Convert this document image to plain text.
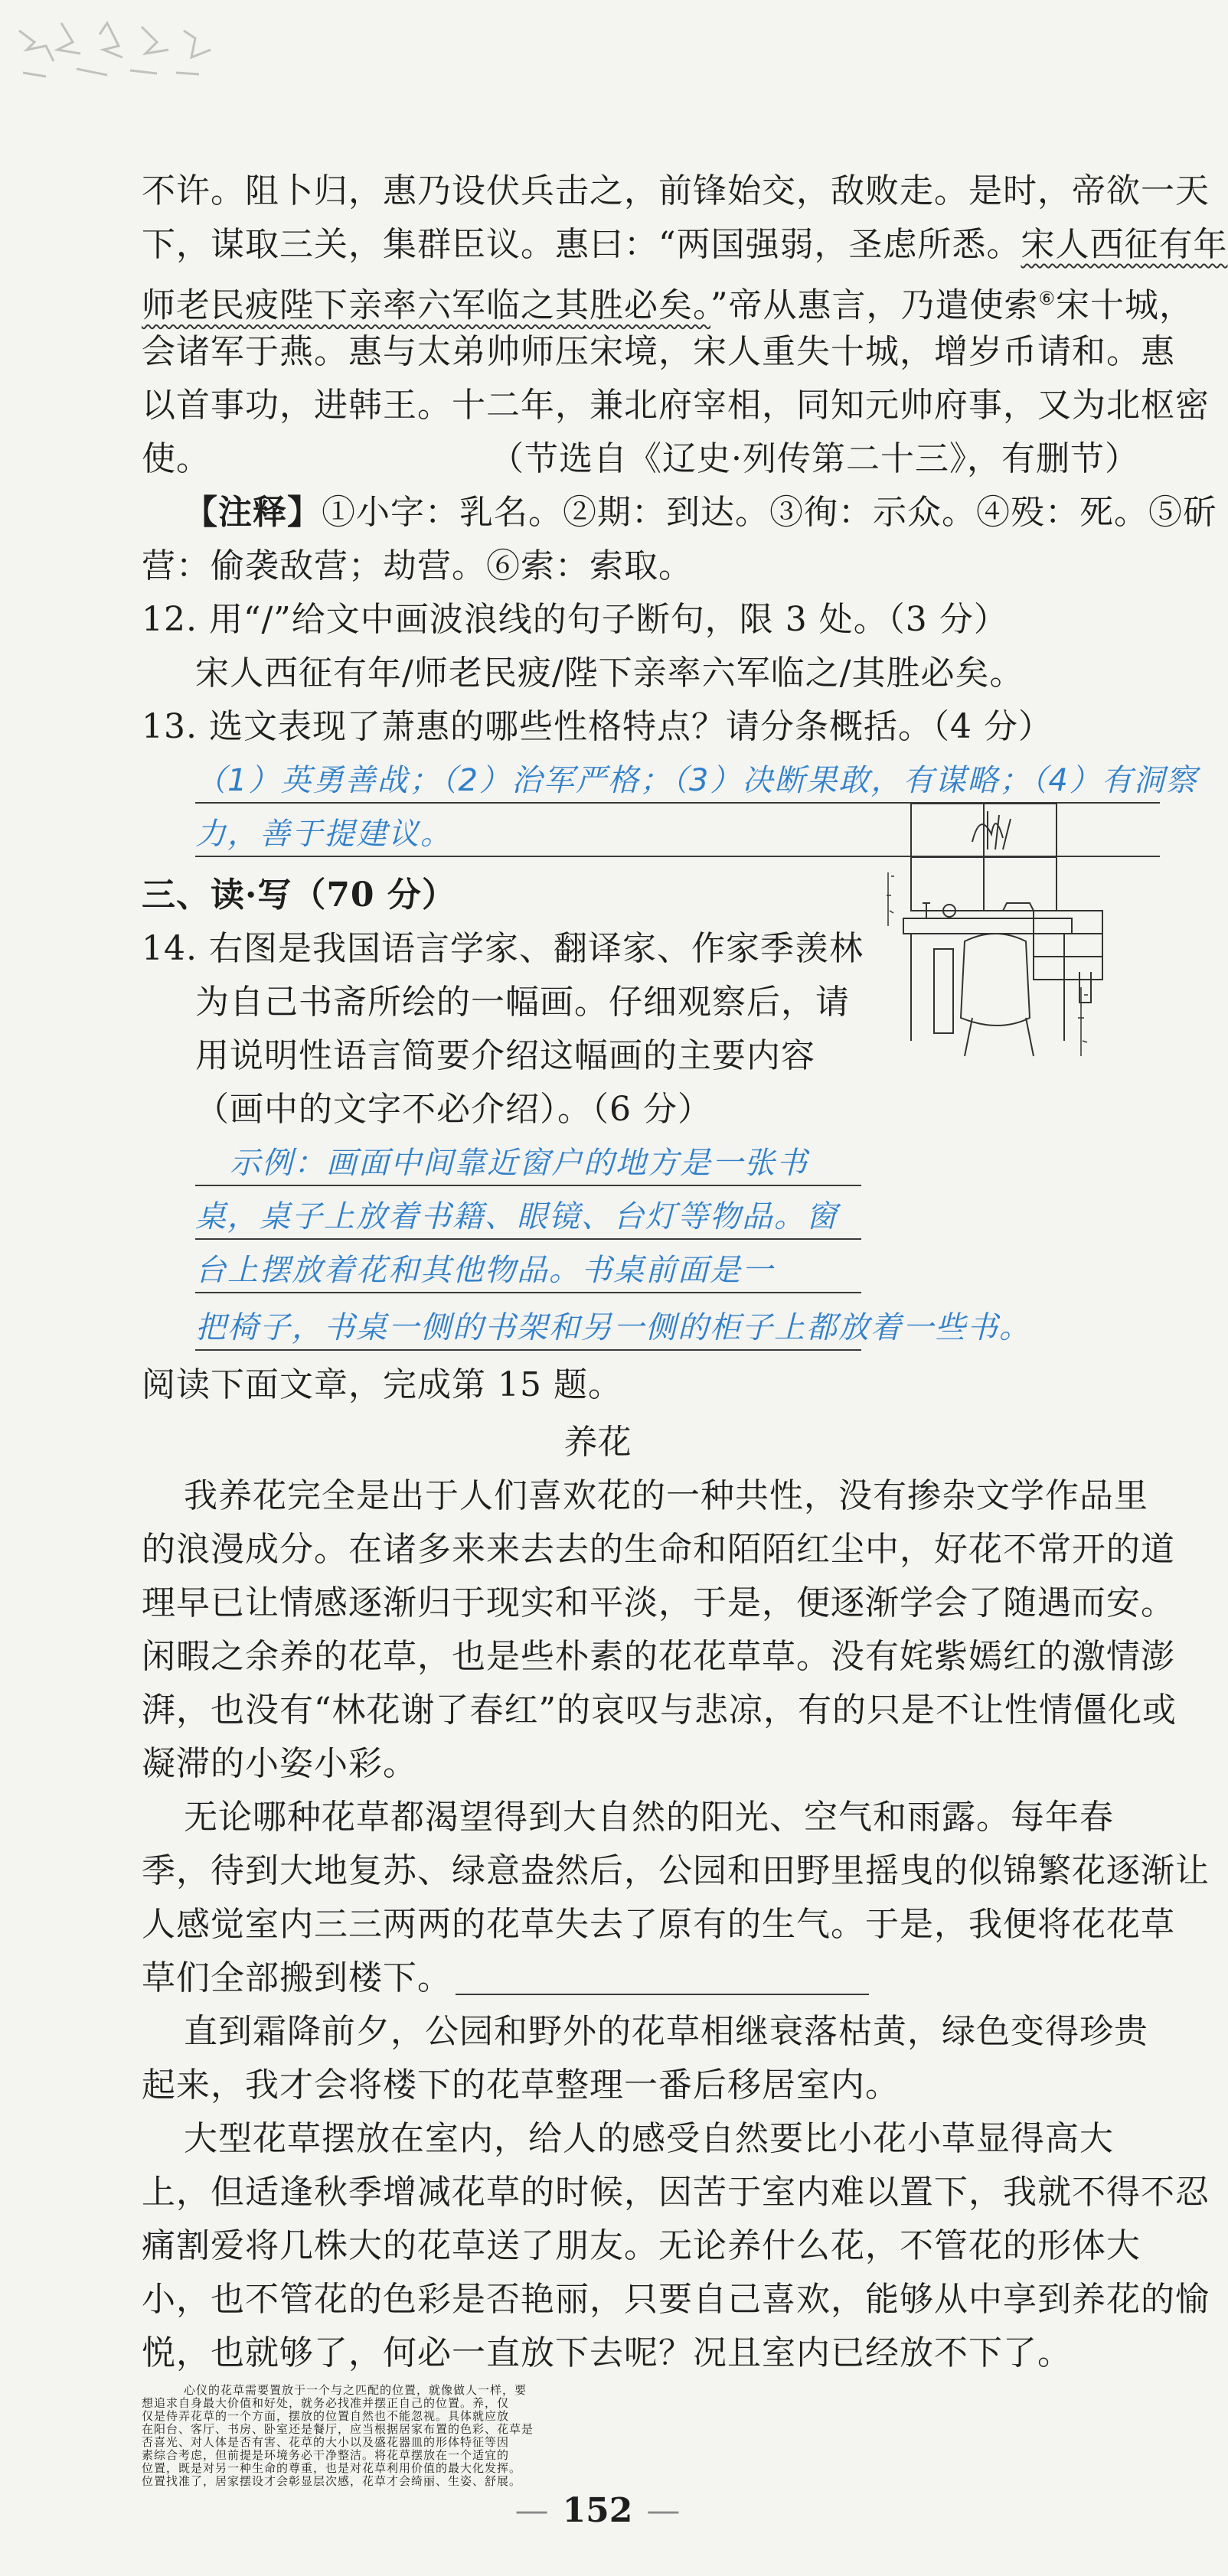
不许。阻卜归，惠乃设伏兵击之，前锋始交，敌败走。是时，帝欲一天
下，谋取三关，集群臣议。惠曰：“两国强弱，圣虑所悉。宋人西征有年
师老民疲陛下亲率六军临之其胜必矣。”帝从惠言，乃遣使索⑥宋十城，
会诸军于燕。惠与太弟帅师压宋境，宋人重失十城，增岁币请和。惠
以首事功，进韩王。十二年，兼北府宰相，同知元帅府事，又为北枢密
使。	（节选自《辽史·列传第二十三》，有删节）
【注释】①小字：乳名。②期：到达。③徇：示众。④殁：死。⑤斫
营：偷袭敌营；劫营。⑥索：索取。
12. 用“/”给文中画波浪线的句子断句，限 3 处。（3 分）
宋人西征有年/师老民疲/陛下亲率六军临之/其胜必矣。
13. 选文表现了萧惠的哪些性格特点？请分条概括。（4 分）
（1）英勇善战；（2）治军严格；（3）决断果敢，有谋略；（4）有洞察
力，善于提建议。
三、读·写（70 分）
14. 右图是我国语言学家、翻译家、作家季羡林
为自己书斋所绘的一幅画。仔细观察后，请
用说明性语言简要介绍这幅画的主要内容
（画中的文字不必介绍）。（6 分）
示例：画面中间靠近窗户的地方是一张书
桌，桌子上放着书籍、眼镜、台灯等物品。窗
台上摆放着花和其他物品。书桌前面是一
把椅子，书桌一侧的书架和另一侧的柜子上都放着一些书。
阅读下面文章，完成第 15 题。
养花
我养花完全是出于人们喜欢花的一种共性，没有掺杂文学作品里
的浪漫成分。在诸多来来去去的生命和陌陌红尘中，好花不常开的道
理早已让情感逐渐归于现实和平淡，于是，便逐渐学会了随遇而安。
闲暇之余养的花草，也是些朴素的花花草草。没有姹紫嫣红的激情澎
湃，也没有“林花谢了春红”的哀叹与悲凉，有的只是不让性情僵化或
凝滞的小姿小彩。
无论哪种花草都渴望得到大自然的阳光、空气和雨露。每年春
季，待到大地复苏、绿意盎然后，公园和田野里摇曳的似锦繁花逐渐让
人感觉室内三三两两的花草失去了原有的生气。于是，我便将花花草
草们全部搬到楼下。
直到霜降前夕，公园和野外的花草相继衰落枯黄，绿色变得珍贵
起来，我才会将楼下的花草整理一番后移居室内。
大型花草摆放在室内，给人的感受自然要比小花小草显得高大
上，但适逢秋季增减花草的时候，因苦于室内难以置下，我就不得不忍
痛割爱将几株大的花草送了朋友。无论养什么花，不管花的形体大
小，也不管花的色彩是否艳丽，只要自己喜欢，能够从中享到养花的愉
悦，也就够了，何必一直放下去呢？况且室内已经放不下了。
心仪的花草需要置放于一个与之匹配的位置，就像做人一样，要
想追求自身最大价值和好处，就务必找准并摆正自己的位置。养，仅
仅是侍弄花草的一个方面，摆放的位置自然也不能忽视。具体就应放
在阳台、客厅、书房、卧室还是餐厅，应当根据居家布置的色彩、花草是
否喜光、对人体是否有害、花草的大小以及盛花器皿的形体特征等因
素综合考虑，但前提是环境务必干净整洁。将花草摆放在一个适宜的
位置，既是对另一种生命的尊重，也是对花草利用价值的最大化发挥。
位置找准了，居家摆设才会彰显层次感，花草才会绮丽、生姿、舒展。
— 152 —
